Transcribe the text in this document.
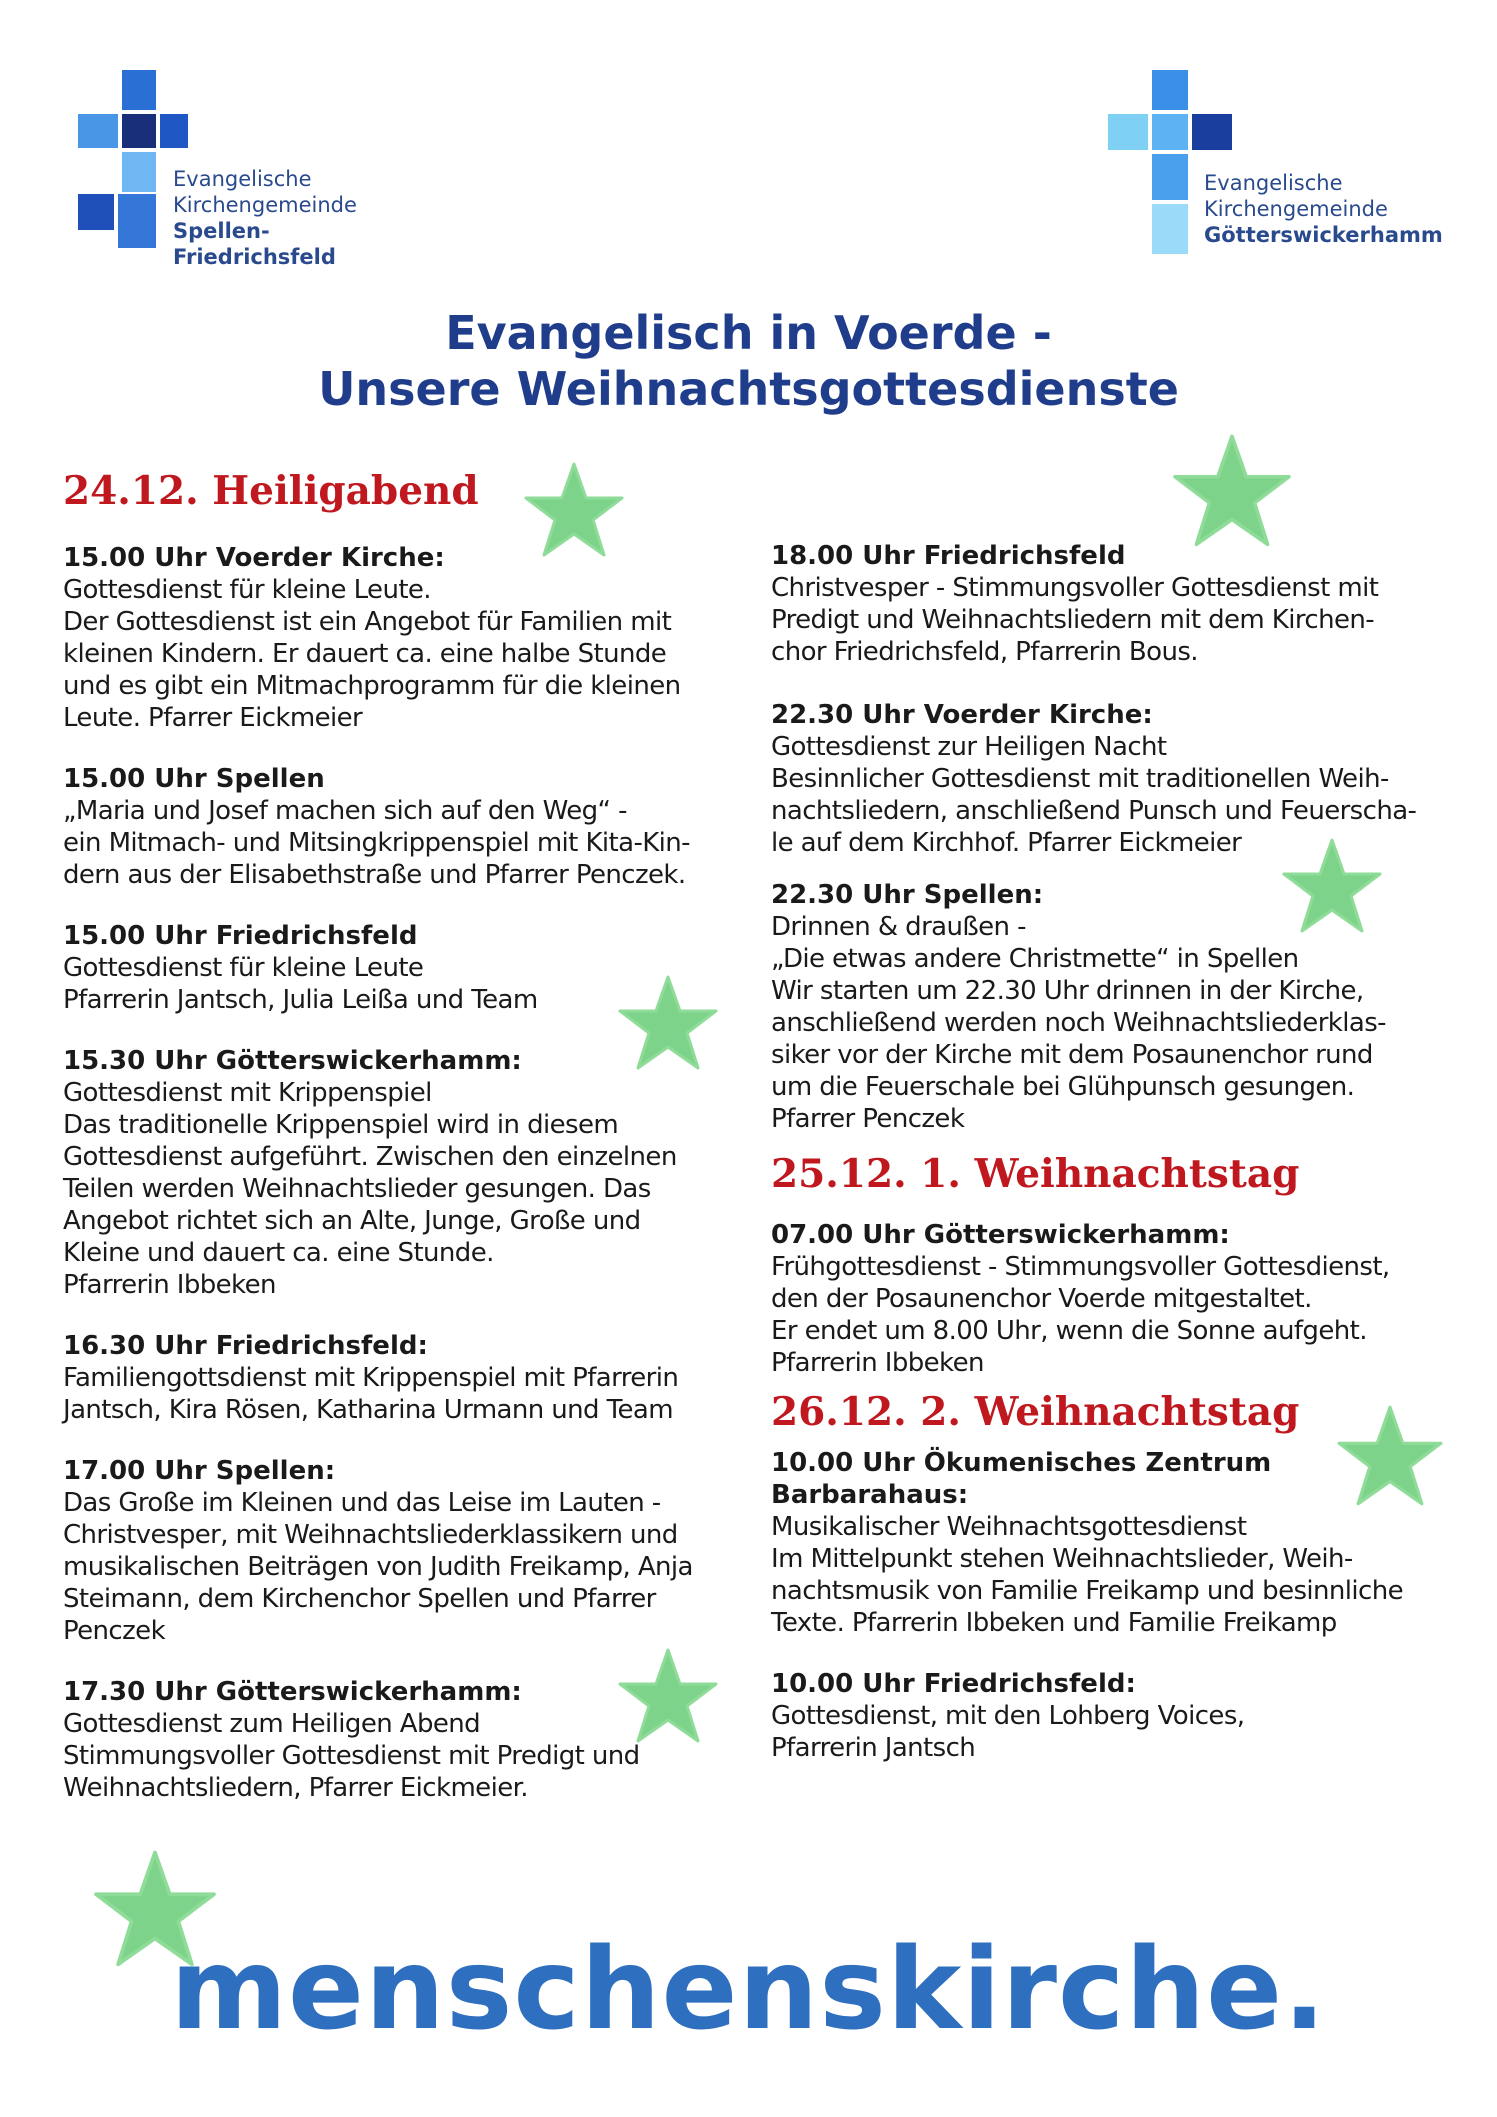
Evangelische
Kirchengemeinde
Spellen-
Friedrichsfeld
Evangelische
Kirchengemeinde
Götterswickerhamm
Evangelisch in Voerde -
Unsere Weihnachtsgottesdienste
24.12. Heiligabend
15.00 Uhr Voerder Kirche:
Gottesdienst für kleine Leute.
Der Gottesdienst ist ein Angebot für Familien mit
kleinen Kindern. Er dauert ca. eine halbe Stunde
und es gibt ein Mitmachprogramm für die kleinen
Leute. Pfarrer Eickmeier
15.00 Uhr Spellen
„Maria und Josef machen sich auf den Weg“ -
ein Mitmach- und Mitsingkrippenspiel mit Kita-Kin-
dern aus der Elisabethstraße und Pfarrer Penczek.
15.00 Uhr Friedrichsfeld
Gottesdienst für kleine Leute
Pfarrerin Jantsch, Julia Leißa und Team
15.30 Uhr Götterswickerhamm:
Gottesdienst mit Krippenspiel
Das traditionelle Krippenspiel wird in diesem
Gottesdienst aufgeführt. Zwischen den einzelnen
Teilen werden Weihnachtslieder gesungen. Das
Angebot richtet sich an Alte, Junge, Große und
Kleine und dauert ca. eine Stunde.
Pfarrerin Ibbeken
16.30 Uhr Friedrichsfeld:
Familiengottsdienst mit Krippenspiel mit Pfarrerin
Jantsch, Kira Rösen, Katharina Urmann und Team
17.00 Uhr Spellen:
Das Große im Kleinen und das Leise im Lauten -
Christvesper, mit Weihnachtsliederklassikern und
musikalischen Beiträgen von Judith Freikamp, Anja
Steimann, dem Kirchenchor Spellen und Pfarrer
Penczek
17.30 Uhr Götterswickerhamm:
Gottesdienst zum Heiligen Abend
Stimmungsvoller Gottesdienst mit Predigt und
Weihnachtsliedern, Pfarrer Eickmeier.
18.00 Uhr Friedrichsfeld
Christvesper - Stimmungsvoller Gottesdienst mit
Predigt und Weihnachtsliedern mit dem Kirchen-
chor Friedrichsfeld, Pfarrerin Bous.
22.30 Uhr Voerder Kirche:
Gottesdienst zur Heiligen Nacht
Besinnlicher Gottesdienst mit traditionellen Weih-
nachtsliedern, anschließend Punsch und Feuerscha-
le auf dem Kirchhof. Pfarrer Eickmeier
22.30 Uhr Spellen:
Drinnen & draußen -
„Die etwas andere Christmette“ in Spellen
Wir starten um 22.30 Uhr drinnen in der Kirche,
anschließend werden noch Weihnachtsliederklas-
siker vor der Kirche mit dem Posaunenchor rund
um die Feuerschale bei Glühpunsch gesungen.
Pfarrer Penczek
25.12. 1. Weihnachtstag
07.00 Uhr Götterswickerhamm:
Frühgottesdienst - Stimmungsvoller Gottesdienst,
den der Posaunenchor Voerde mitgestaltet.
Er endet um 8.00 Uhr, wenn die Sonne aufgeht.
Pfarrerin Ibbeken
26.12. 2. Weihnachtstag
10.00 Uhr Ökumenisches Zentrum
Barbarahaus:
Musikalischer Weihnachtsgottesdienst
Im Mittelpunkt stehen Weihnachtslieder, Weih-
nachtsmusik von Familie Freikamp und besinnliche
Texte. Pfarrerin Ibbeken und Familie Freikamp
10.00 Uhr Friedrichsfeld:
Gottesdienst, mit den Lohberg Voices,
Pfarrerin Jantsch
menschenskirche.
